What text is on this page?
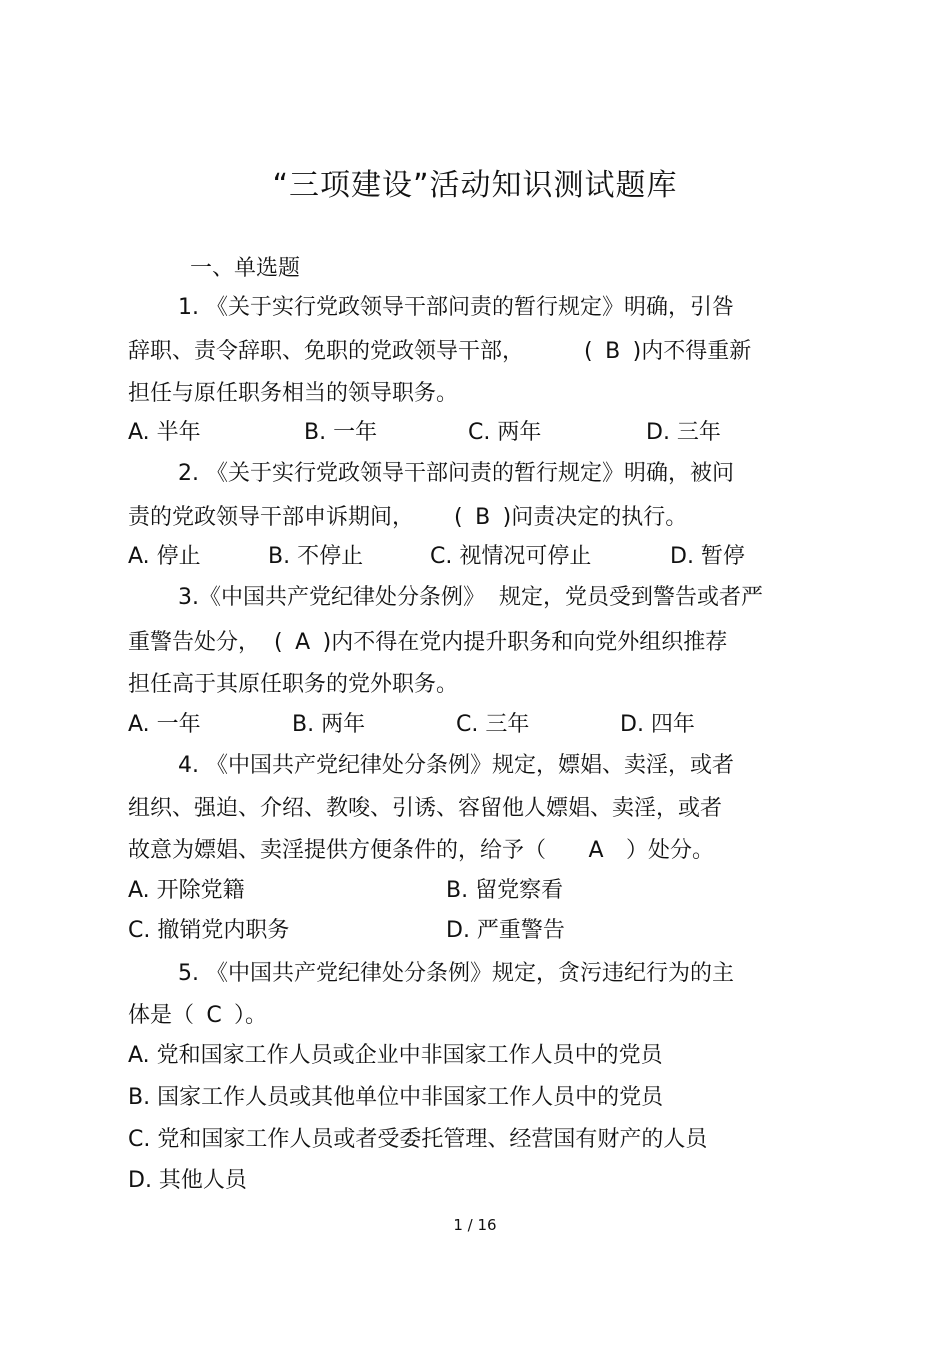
“三项建设”活动知识测试题库
一、单选题
1. 《关于实行党政领导干部问责的暂行规定》明确，引咎
辞职、责令辞职、免职的党政领导干部，	( B )内不得重新
担任与原任职务相当的领导职务。
A. 半年	B. 一年	C. 两年	D. 三年
2. 《关于实行党政领导干部问责的暂行规定》明确，被问
责的党政领导干部申诉期间， ( B )问责决定的执行。
A. 停止	B. 不停止	C. 视情况可停止	D. 暂停
3.《中国共产党纪律处分条例》  规定，党员受到警告或者严
重警告处分，  ( A )内不得在党内提升职务和向党外组织推荐
担任高于其原任职务的党外职务。
A. 一年	B. 两年	C. 三年	D. 四年
4. 《中国共产党纪律处分条例》规定，嫖娼、卖淫，或者
组织、强迫、介绍、教唆、引诱、容留他人嫖娼、卖淫，或者
故意为嫖娼、卖淫提供方便条件的，给予（ A ）处分。
A. 开除党籍	B. 留党察看
C. 撤销党内职务	D. 严重警告
5. 《中国共产党纪律处分条例》规定，贪污违纪行为的主
体是（ C ）。
A. 党和国家工作人员或企业中非国家工作人员中的党员
B. 国家工作人员或其他单位中非国家工作人员中的党员
C. 党和国家工作人员或者受委托管理、经营国有财产的人员
D. 其他人员
1 / 16
